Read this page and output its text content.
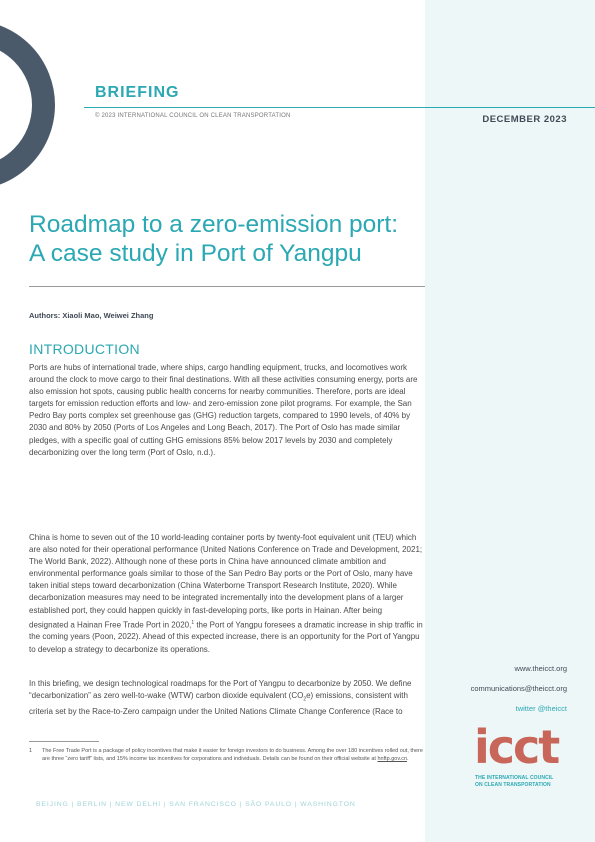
BRIEFING
© 2023 INTERNATIONAL COUNCIL ON CLEAN TRANSPORTATION	DECEMBER 2023
Roadmap to a zero-emission port:
A case study in Port of Yangpu
Authors: Xiaoli Mao, Weiwei Zhang
INTRODUCTION

Ports are hubs of international trade, where ships, cargo handling equipment, trucks, and locomotives work around the clock to move cargo to their final destinations. With all these activities consuming energy, ports are also emission hot spots, causing public health concerns for nearby communities. Therefore, ports are ideal targets for emission reduction efforts and low- and zero-emission zone pilot programs. For example, the San Pedro Bay ports complex set greenhouse gas (GHG) reduction targets, compared to 1990 levels, of 40% by 2030 and 80% by 2050 (Ports of Los Angeles and Long Beach, 2017). The Port of Oslo has made similar pledges, with a specific goal of cutting GHG emissions 85% below 2017 levels by 2030 and completely decarbonizing over the long term (Port of Oslo, n.d.).

China is home to seven out of the 10 world-leading container ports by twenty-foot equivalent unit (TEU) which are also noted for their operational performance (United Nations Conference on Trade and Development, 2021; The World Bank, 2022). Although none of these ports in China have announced climate ambition and environmental performance goals similar to those of the San Pedro Bay ports or the Port of Oslo, many have taken initial steps toward decarbonization (China Waterborne Transport Research Institute, 2020). While decarbonization measures may need to be integrated incrementally into the development plans of a larger established port, they could happen quickly in fast-developing ports, like ports in Hainan. After being designated a Hainan Free Trade Port in 2020,$^1$ the Port of Yangpu foresees a dramatic increase in ship traffic in the coming years (Poon, 2022). Ahead of this expected increase, there is an opportunity for the Port of Yangpu to develop a strategy to decarbonize its operations.

In this briefing, we design technological roadmaps for the Port of Yangpu to decarbonize by 2050. We define “decarbonization” as zero well-to-wake (WTW) carbon dioxide equivalent $(CO_2e)$ emissions, consistent with criteria set by the Race-to-Zero campaign under the United Nations Climate Change Conference (Race to

1 The Free Trade Port is a package of policy incentives that make it easier for foreign investors to do business. Among the over 180 incentives rolled out, there are three “zero tariff” lists, and 15% income tax incentives for corporations and individuals. Details can be found on their official website at hnftp.gov.cn.
BEIJING | BERLIN | NEW DELHI | SAN FRANCISCO | SÃO PAULO | WASHINGTON
www.theicct.org
communications@theicct.org
twitter @theicct
icct
THE INTERNATIONAL COUNCIL
ON CLEAN TRANSPORTATION
